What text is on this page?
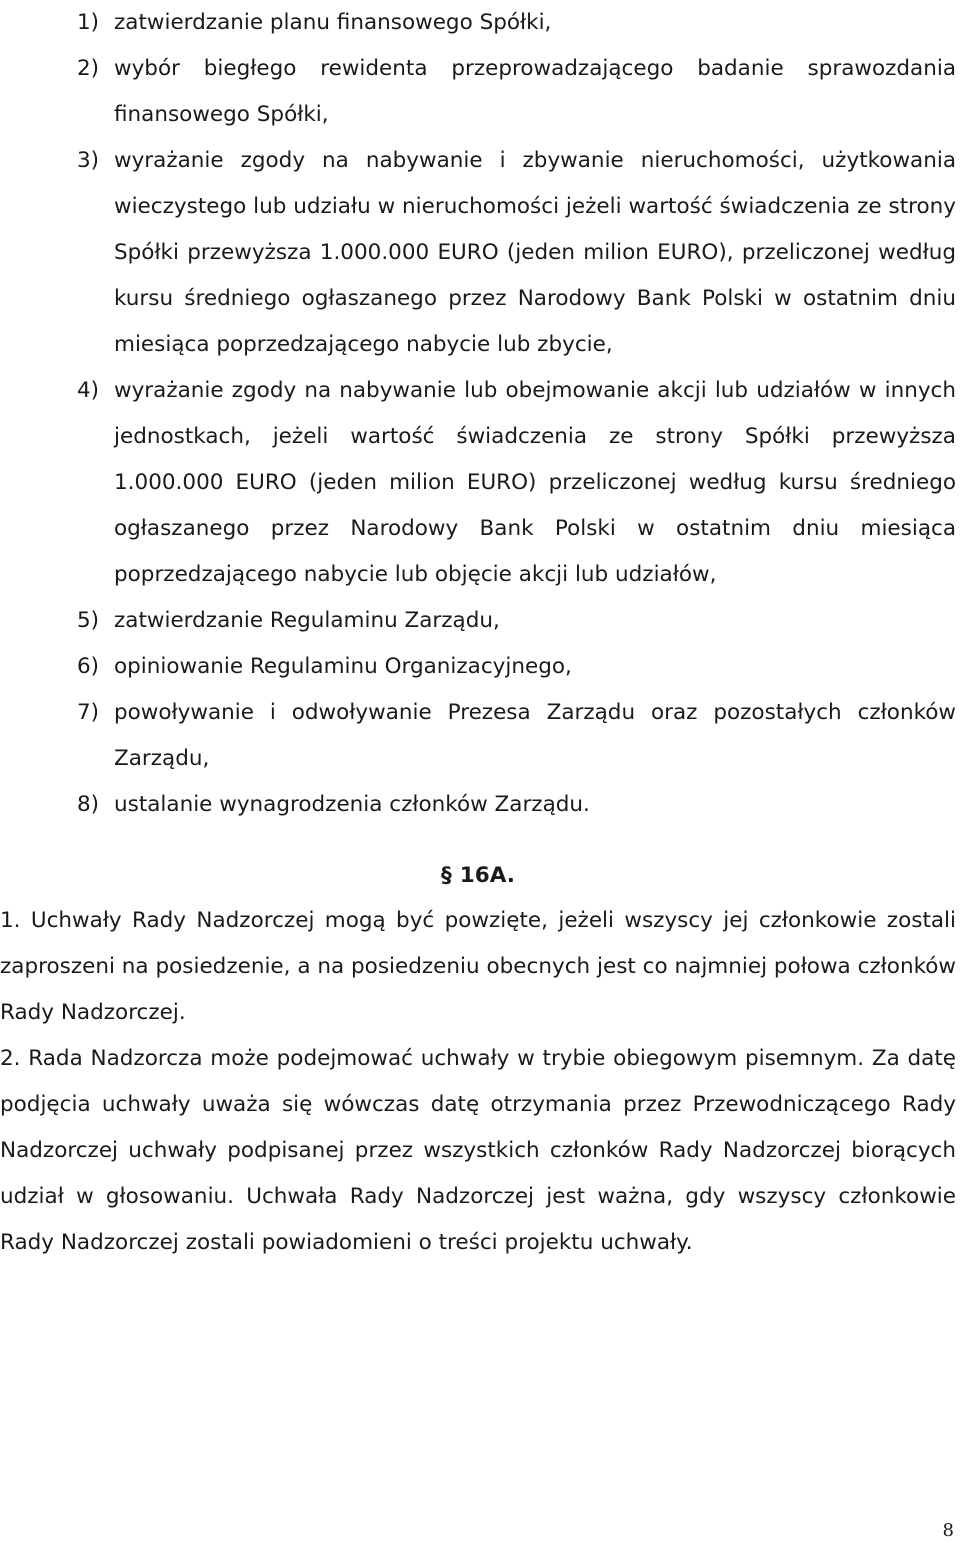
1) zatwierdzanie planu finansowego Spółki,
2) wybór biegłego rewidenta przeprowadzającego badanie sprawozdania finansowego Spółki,
3) wyrażanie zgody na nabywanie i zbywanie nieruchomości, użytkowania wieczystego lub udziału w nieruchomości jeżeli wartość świadczenia ze strony Spółki przewyższa 1.000.000 EURO (jeden milion EURO), przeliczonej według kursu średniego ogłaszanego przez Narodowy Bank Polski w ostatnim dniu miesiąca poprzedzającego nabycie lub zbycie,
4) wyrażanie zgody na nabywanie lub obejmowanie akcji lub udziałów w innych jednostkach, jeżeli wartość świadczenia ze strony Spółki przewyższa 1.000.000 EURO (jeden milion EURO) przeliczonej według kursu średniego ogłaszanego przez Narodowy Bank Polski w ostatnim dniu miesiąca poprzedzającego nabycie lub objęcie akcji lub udziałów,
5) zatwierdzanie Regulaminu Zarządu,
6) opiniowanie Regulaminu Organizacyjnego,
7) powoływanie i odwoływanie Prezesa Zarządu oraz pozostałych członków Zarządu,
8) ustalanie wynagrodzenia członków Zarządu.
§ 16A.

1. Uchwały Rady Nadzorczej mogą być powzięte, jeżeli wszyscy jej członkowie zostali zaproszeni na posiedzenie, a na posiedzeniu obecnych jest co najmniej połowa członków Rady Nadzorczej.

2. Rada Nadzorcza może podejmować uchwały w trybie obiegowym pisemnym. Za datę podjęcia uchwały uważa się wówczas datę otrzymania przez Przewodniczącego Rady Nadzorczej uchwały podpisanej przez wszystkich członków Rady Nadzorczej biorących udział w głosowaniu. Uchwała Rady Nadzorczej jest ważna, gdy wszyscy członkowie Rady Nadzorczej zostali powiadomieni o treści projektu uchwały.

8
